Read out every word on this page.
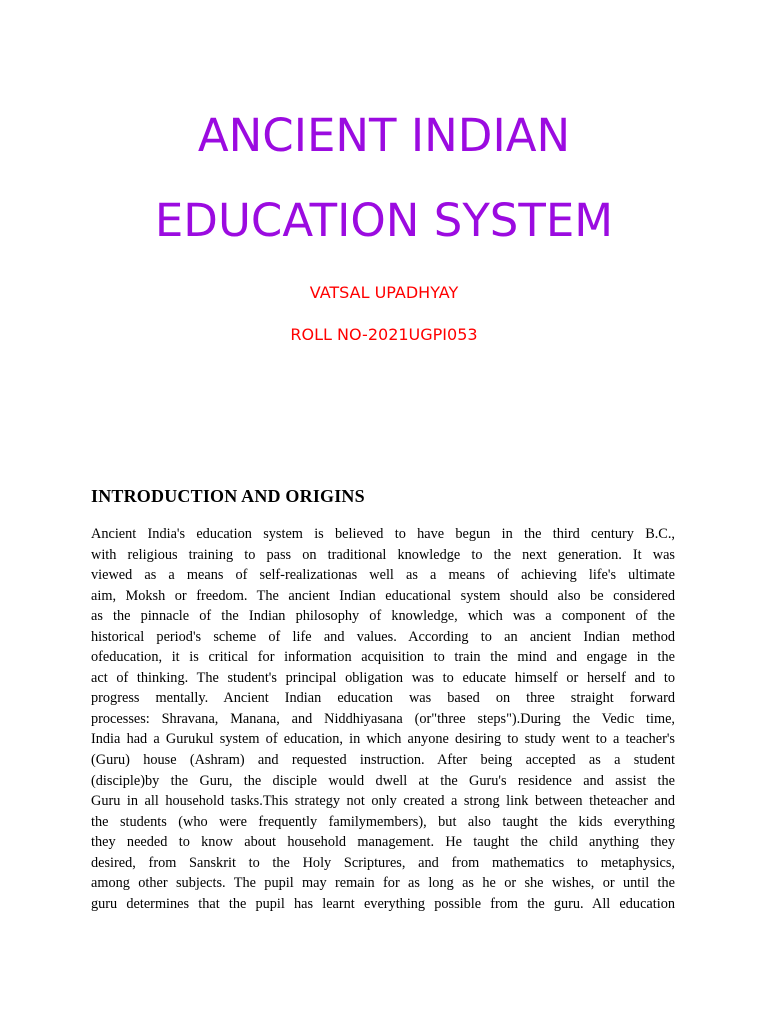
ANCIENT INDIAN
EDUCATION SYSTEM

VATSAL UPADHYAY

ROLL NO-2021UGPI053

INTRODUCTION AND ORIGINS
Ancient India's education system is believed to have begun in the third century B.C.,
with religious training to pass on traditional knowledge to the next generation. It was
viewed as a means of self-realizationas well as a means of achieving life's ultimate
aim, Moksh or freedom. The ancient Indian educational system should also be considered
as the pinnacle of the Indian philosophy of knowledge, which was a component of the
historical period's scheme of life and values. According to an ancient Indian method
ofeducation, it is critical for information acquisition to train the mind and engage in the
act of thinking. The student's principal obligation was to educate himself or herself and to
progress mentally. Ancient Indian education was based on three straight forward
processes: Shravana, Manana, and Niddhiyasana (or"three steps").During the Vedic time,
India had a Gurukul system of education, in which anyone desiring to study went to a teacher's
(Guru) house (Ashram) and requested instruction. After being accepted as a student
(disciple)by the Guru, the disciple would dwell at the Guru's residence and assist the
Guru in all household tasks.This strategy not only created a strong link between theteacher and
the students (who were frequently familymembers), but also taught the kids everything
they needed to know about household management. He taught the child anything they
desired, from Sanskrit to the Holy Scriptures, and from mathematics to metaphysics,
among other subjects. The pupil may remain for as long as he or she wishes, or until the
guru determines that the pupil has learnt everything possible from the guru. All education
